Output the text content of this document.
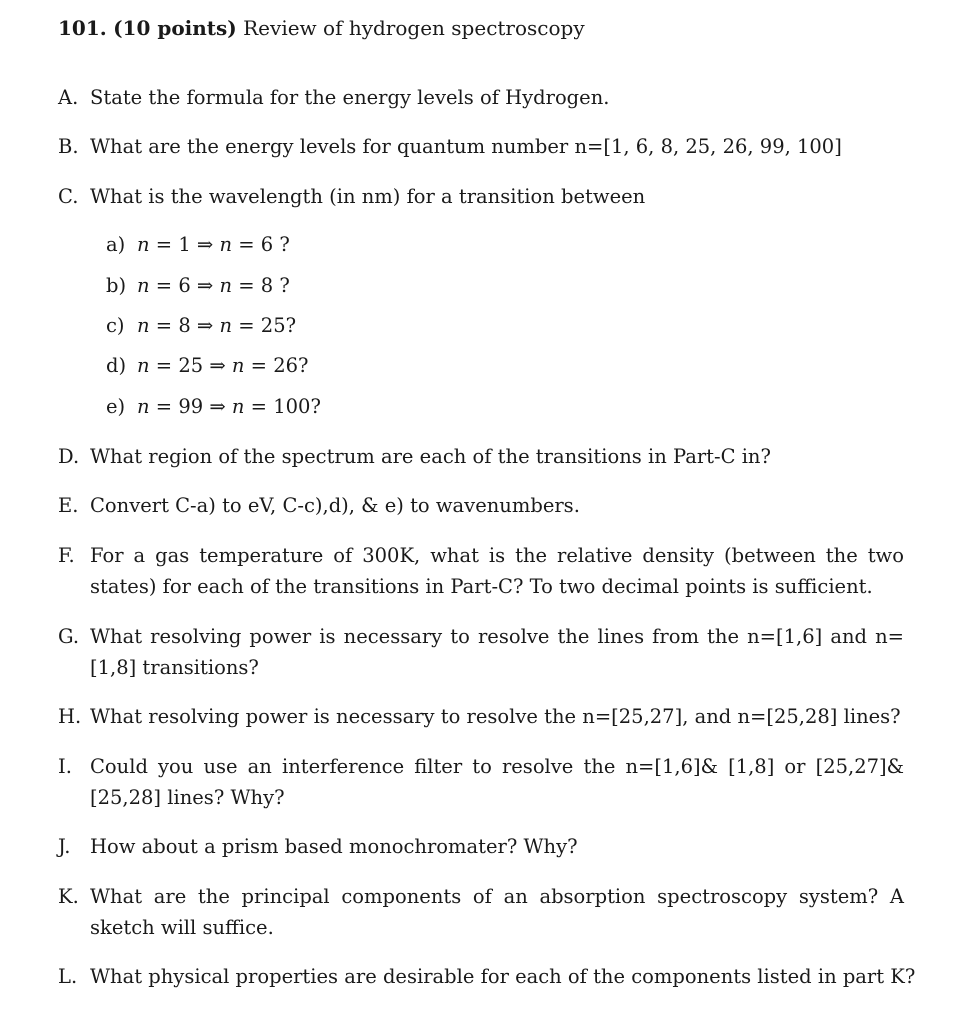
101. (10 points) Review of hydrogen spectroscopy
A. State the formula for the energy levels of Hydrogen.
B. What are the energy levels for quantum number n=[1, 6, 8, 25, 26, 99, 100]
C. What is the wavelength (in nm) for a transition between
a) n = 1 ⇒ n = 6 ?
b) n = 6 ⇒ n = 8 ?
c) n = 8 ⇒ n = 25?
d) n = 25 ⇒ n = 26?
e) n = 99 ⇒ n = 100?
D. What region of the spectrum are each of the transitions in Part-C in?
E. Convert C-a) to eV, C-c),d), & e) to wavenumbers.
F. For a gas temperature of 300K, what is the relative density (between the two states) for each of the transitions in Part-C? To two decimal points is sufficient.
G. What resolving power is necessary to resolve the lines from the n=[1,6] and n=[1,8] transitions?
H. What resolving power is necessary to resolve the n=[25,27], and n=[25,28] lines?
I. Could you use an interference filter to resolve the n=[1,6]& [1,8] or [25,27]& [25,28] lines? Why?
J. How about a prism based monochromater? Why?
K. What are the principal components of an absorption spectroscopy system? A sketch will suffice.
L. What physical properties are desirable for each of the components listed in part K?
